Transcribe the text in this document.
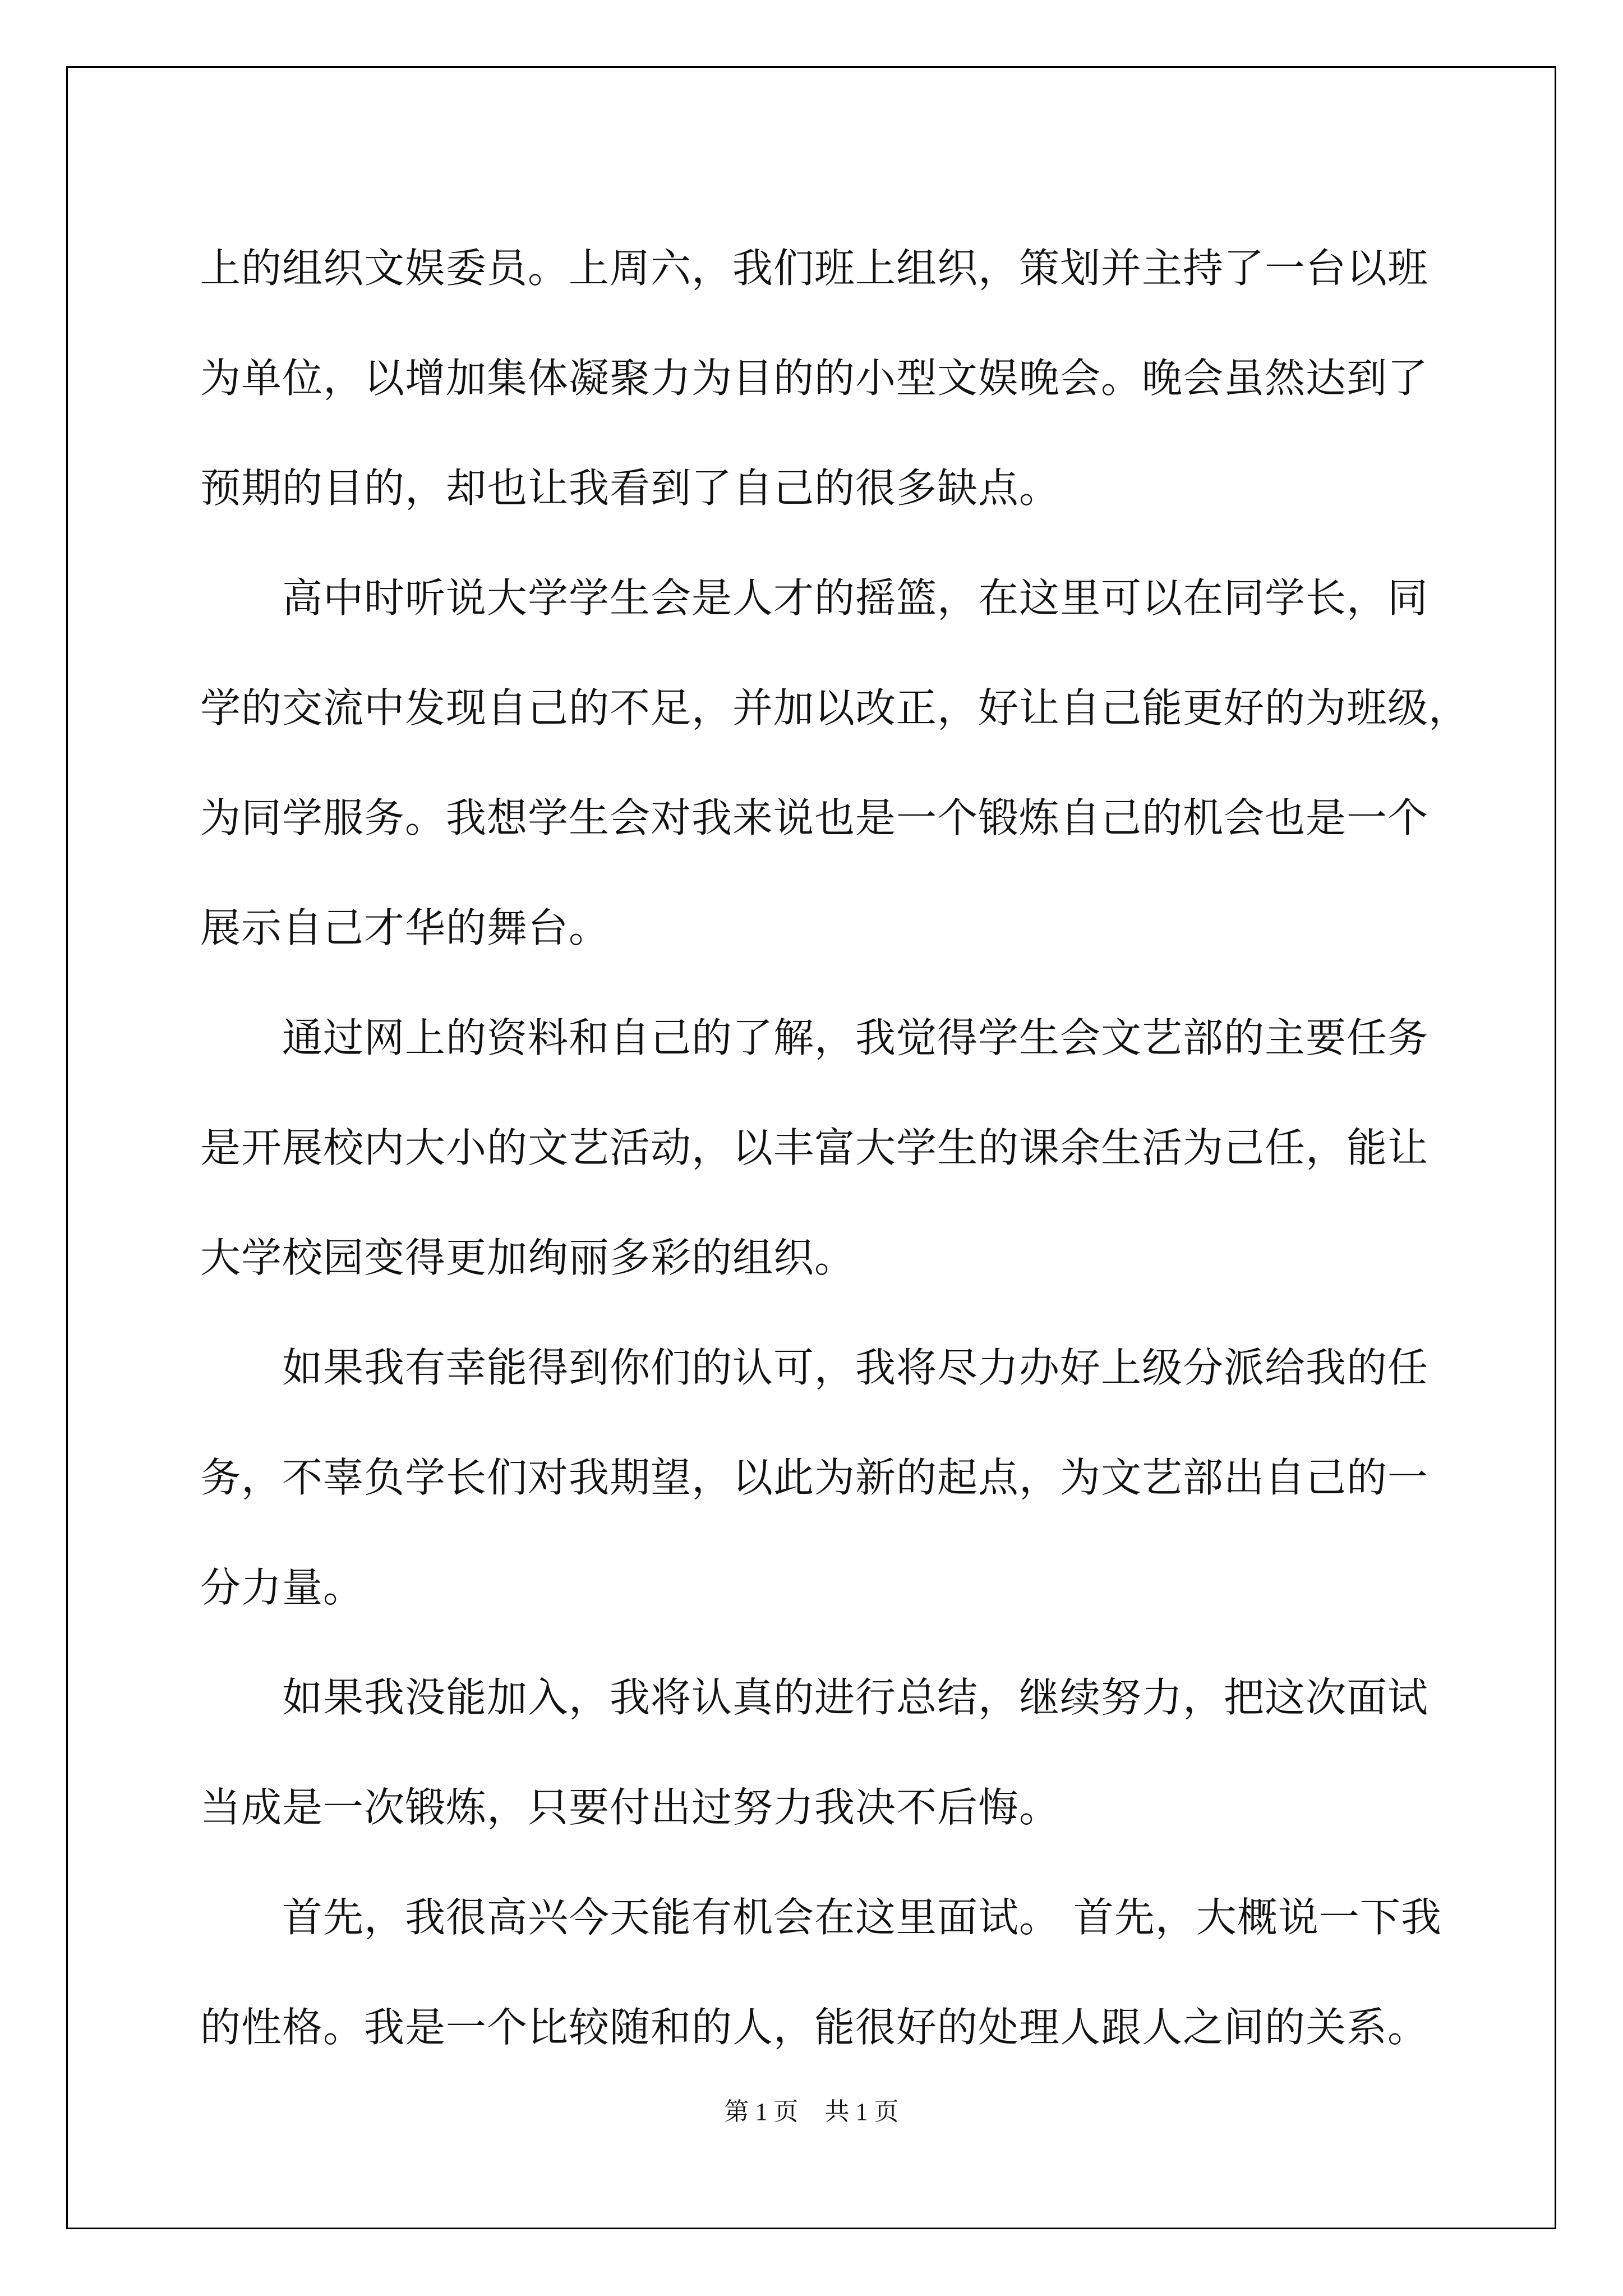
上的组织文娱委员。上周六，我们班上组织，策划并主持了一台以班
为单位，以增加集体凝聚力为目的的小型文娱晚会。晚会虽然达到了
预期的目的，却也让我看到了自己的很多缺点。
高中时听说大学学生会是人才的摇篮，在这里可以在同学长，同
学的交流中发现自己的不足，并加以改正，好让自己能更好的为班级，
为同学服务。我想学生会对我来说也是一个锻炼自己的机会也是一个
展示自己才华的舞台。
通过网上的资料和自己的了解，我觉得学生会文艺部的主要任务
是开展校内大小的文艺活动，以丰富大学生的课余生活为己任，能让
大学校园变得更加绚丽多彩的组织。
如果我有幸能得到你们的认可，我将尽力办好上级分派给我的任
务，不辜负学长们对我期望，以此为新的起点，为文艺部出自己的一
分力量。
如果我没能加入，我将认真的进行总结，继续努力，把这次面试
当成是一次锻炼，只要付出过努力我决不后悔。
首先，我很高兴今天能有机会在这里面试。 首先，大概说一下我
的性格。我是一个比较随和的人，能很好的处理人跟人之间的关系。
第 1 页 共 1 页
